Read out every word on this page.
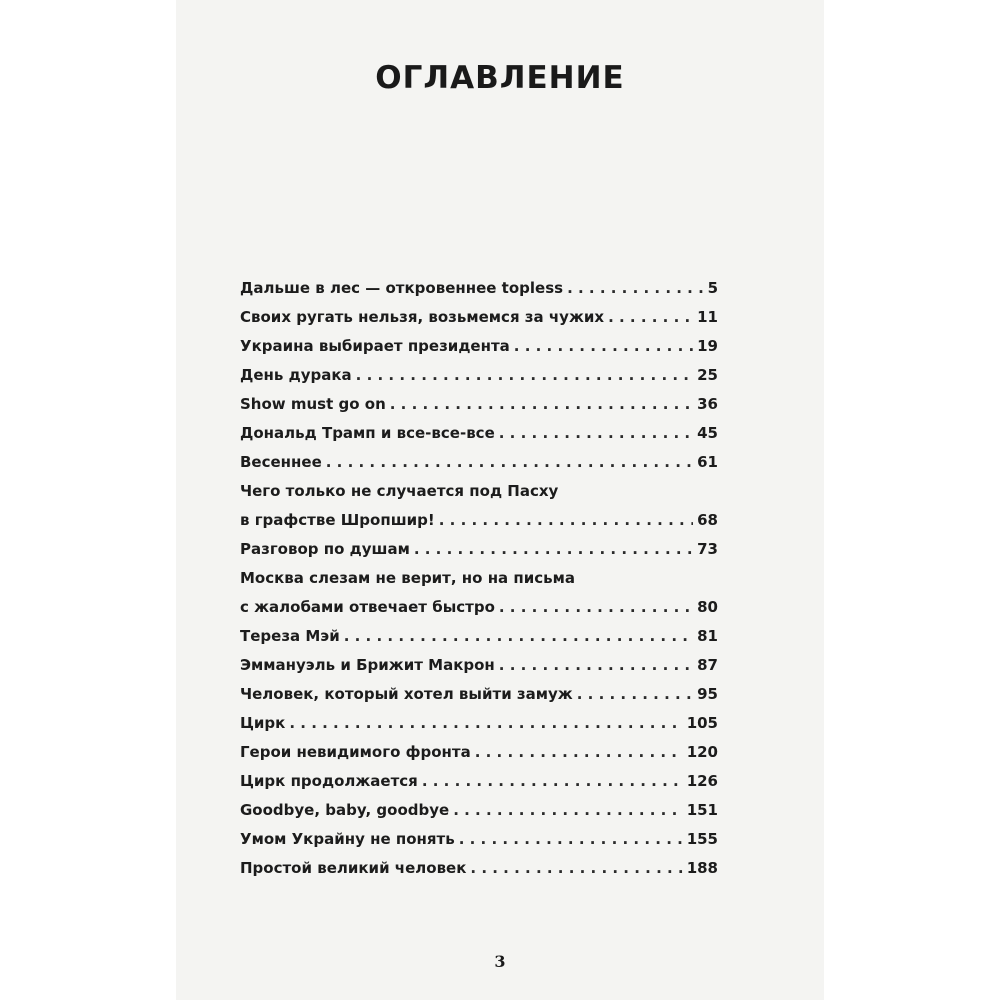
ОГЛАВЛЕНИЕ
Дальше в лес — откровеннее topless . . .	5
Своих ругать нельзя, возьмемся за чужих . . .	11
Украина выбирает президента . . .	19
День дурака . . .	25
Show must go on . . .	36
Дональд Трамп и все-все-все . . .	45
Весеннее . . .	61
Чего только не случается под Пасху
в графстве Шропшир! . . .	68
Разговор по душам . . .	73
Москва слезам не верит, но на письма
с жалобами отвечает быстро . . .	80
Тереза Мэй . . .	81
Эммануэль и Брижит Макрон . . .	87
Человек, который хотел выйти замуж . . .	95
Цирк . . .	105
Герои невидимого фронта . . .	120
Цирк продолжается . . .	126
Goodbye, baby, goodbye . . .	151
Умом Украйну не понять . . .	155
Простой великий человек . . .	188
3
